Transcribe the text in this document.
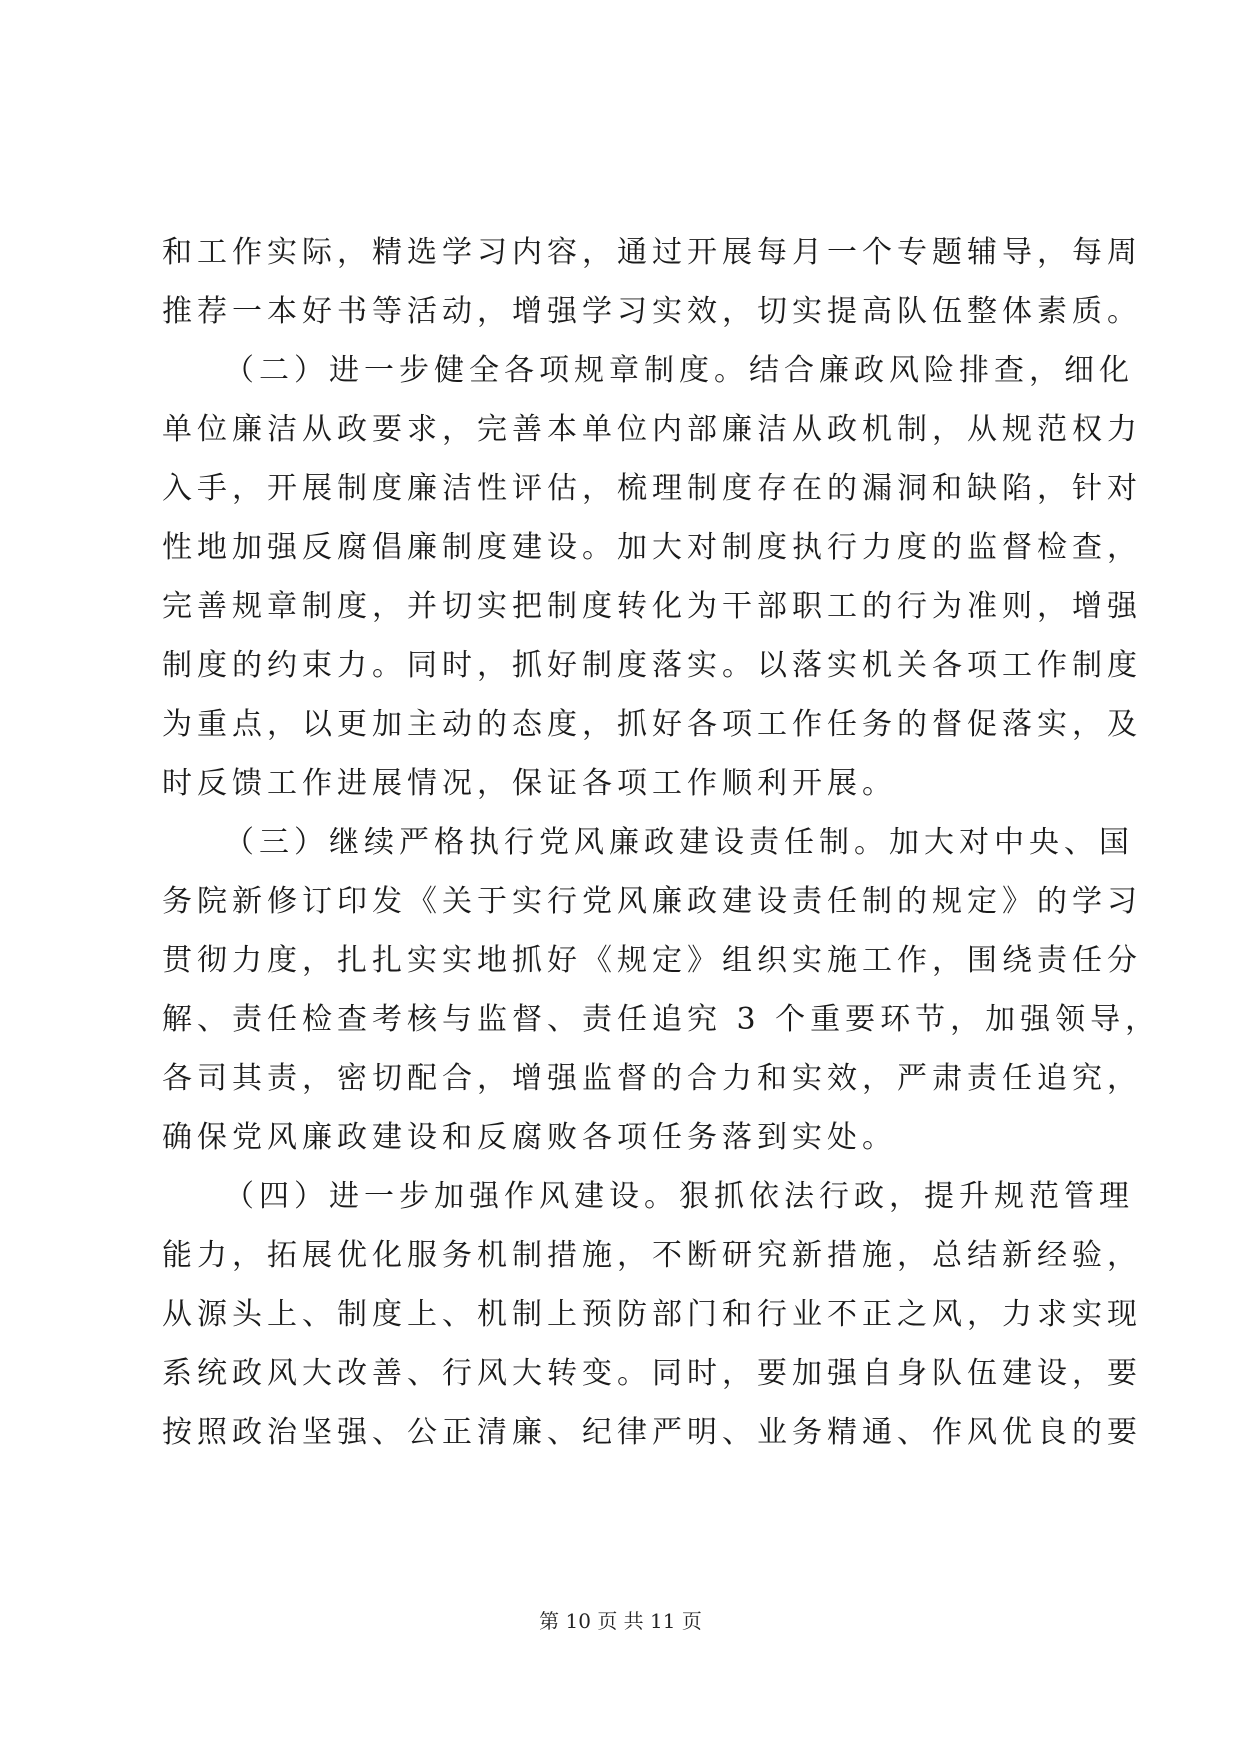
和工作实际，精选学习内容，通过开展每月一个专题辅导，每周
推荐一本好书等活动，增强学习实效，切实提高队伍整体素质。
（二）进一步健全各项规章制度。结合廉政风险排查，细化
单位廉洁从政要求，完善本单位内部廉洁从政机制，从规范权力
入手，开展制度廉洁性评估，梳理制度存在的漏洞和缺陷，针对
性地加强反腐倡廉制度建设。加大对制度执行力度的监督检查，
完善规章制度，并切实把制度转化为干部职工的行为准则，增强
制度的约束力。同时，抓好制度落实。以落实机关各项工作制度
为重点，以更加主动的态度，抓好各项工作任务的督促落实，及
时反馈工作进展情况，保证各项工作顺利开展。
（三）继续严格执行党风廉政建设责任制。加大对中央、国
务院新修订印发《关于实行党风廉政建设责任制的规定》的学习
贯彻力度，扎扎实实地抓好《规定》组织实施工作，围绕责任分
解、责任检查考核与监督、责任追究 3 个重要环节，加强领导，
各司其责，密切配合，增强监督的合力和实效，严肃责任追究，
确保党风廉政建设和反腐败各项任务落到实处。
（四）进一步加强作风建设。狠抓依法行政，提升规范管理
能力，拓展优化服务机制措施，不断研究新措施，总结新经验，
从源头上、制度上、机制上预防部门和行业不正之风，力求实现
系统政风大改善、行风大转变。同时，要加强自身队伍建设，要
按照政治坚强、公正清廉、纪律严明、业务精通、作风优良的要
第 10 页 共 11 页
